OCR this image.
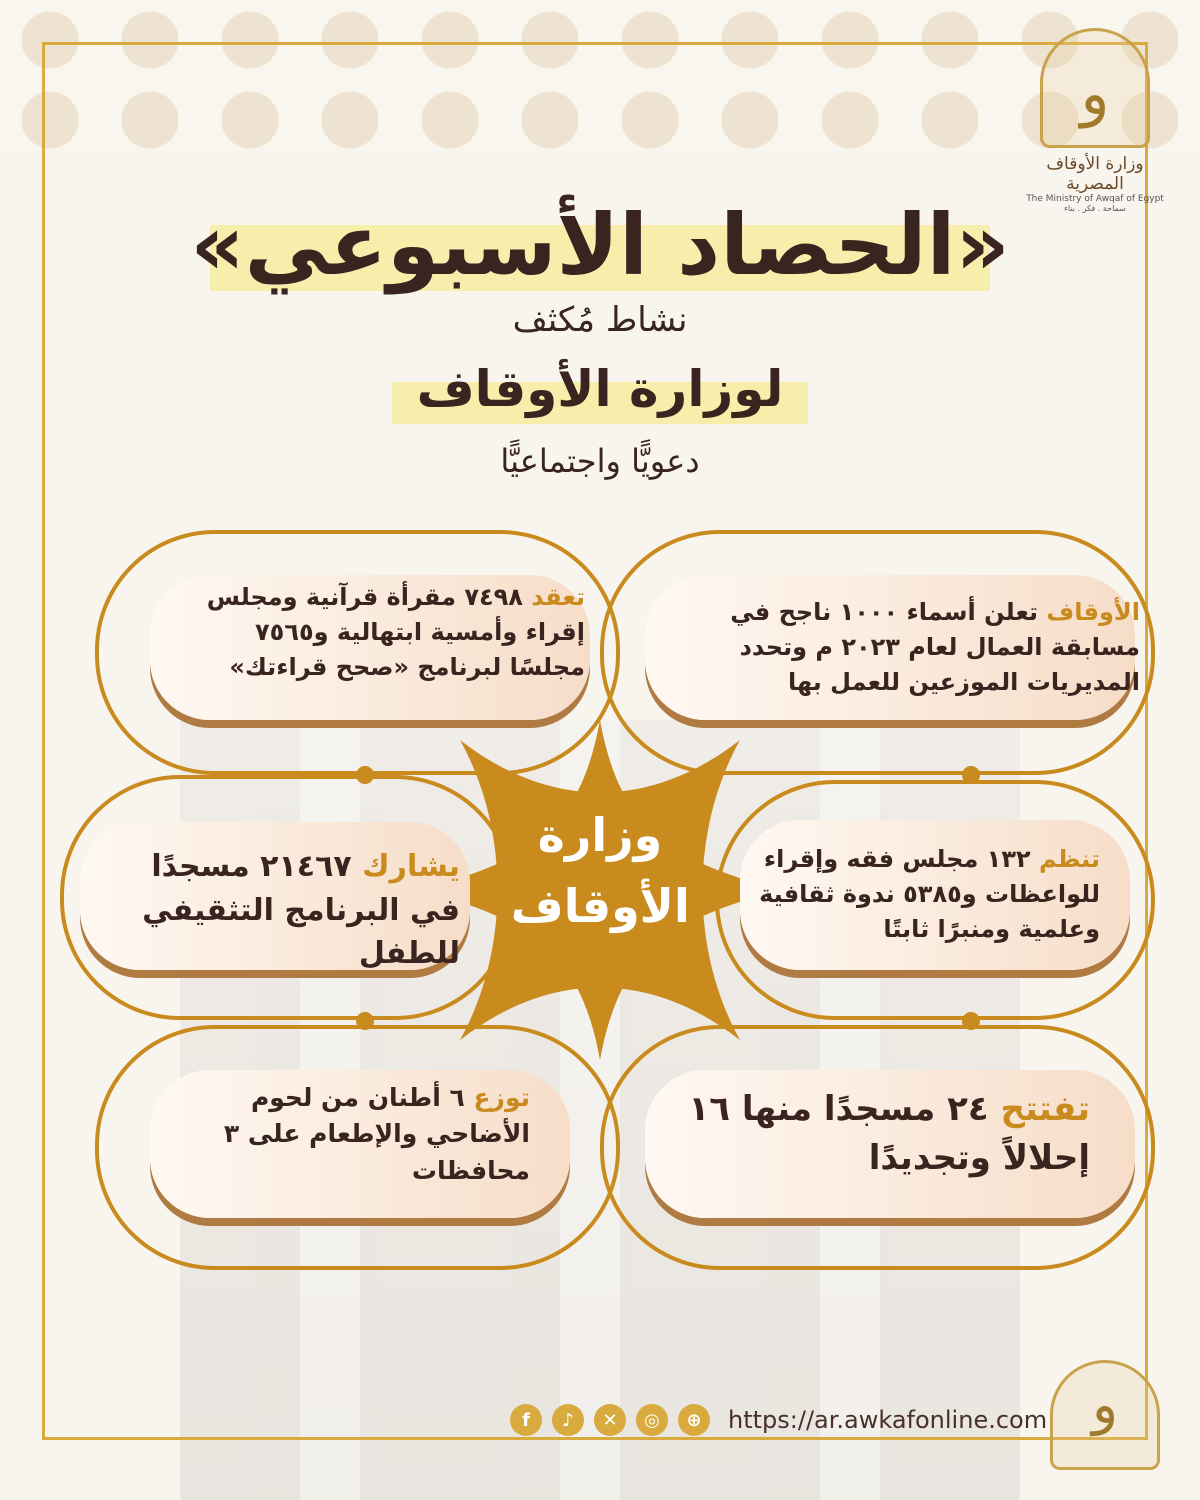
و
وزارة الأوقاف المصرية
The Ministry of Awqaf of Egypt
سماحة . فكر . بناء
«الحصاد الأسبوعي»
نشاط مُكثف
لوزارة الأوقاف
دعويًّا واجتماعيًّا
وزارة
الأوقاف
الأوقاف تعلن أسماء ١٠٠٠ ناجح في مسابقة العمال لعام ٢٠٢٣ م وتحدد المديريات الموزعين للعمل بها
تعقد ٧٤٩٨ مقرأة قرآنية ومجلس إقراء وأمسية ابتهالية و٧٥٦٥ مجلسًا لبرنامج «صحح قراءتك»
تنظم ١٣٢ مجلس فقه وإقراء للواعظات و٥٣٨٥ ندوة ثقافية وعلمية ومنبرًا ثابتًا
يشارك ٢١٤٦٧ مسجدًا في البرنامج التثقيفي للطفل
تفتتح ٢٤ مسجدًا منها ١٦ إحلالاً وتجديدًا
توزع ٦ أطنان من لحوم الأضاحي والإطعام على ٣ محافظات
f	♪	✕	◎	⊕	https://ar.awkafonline.com و
